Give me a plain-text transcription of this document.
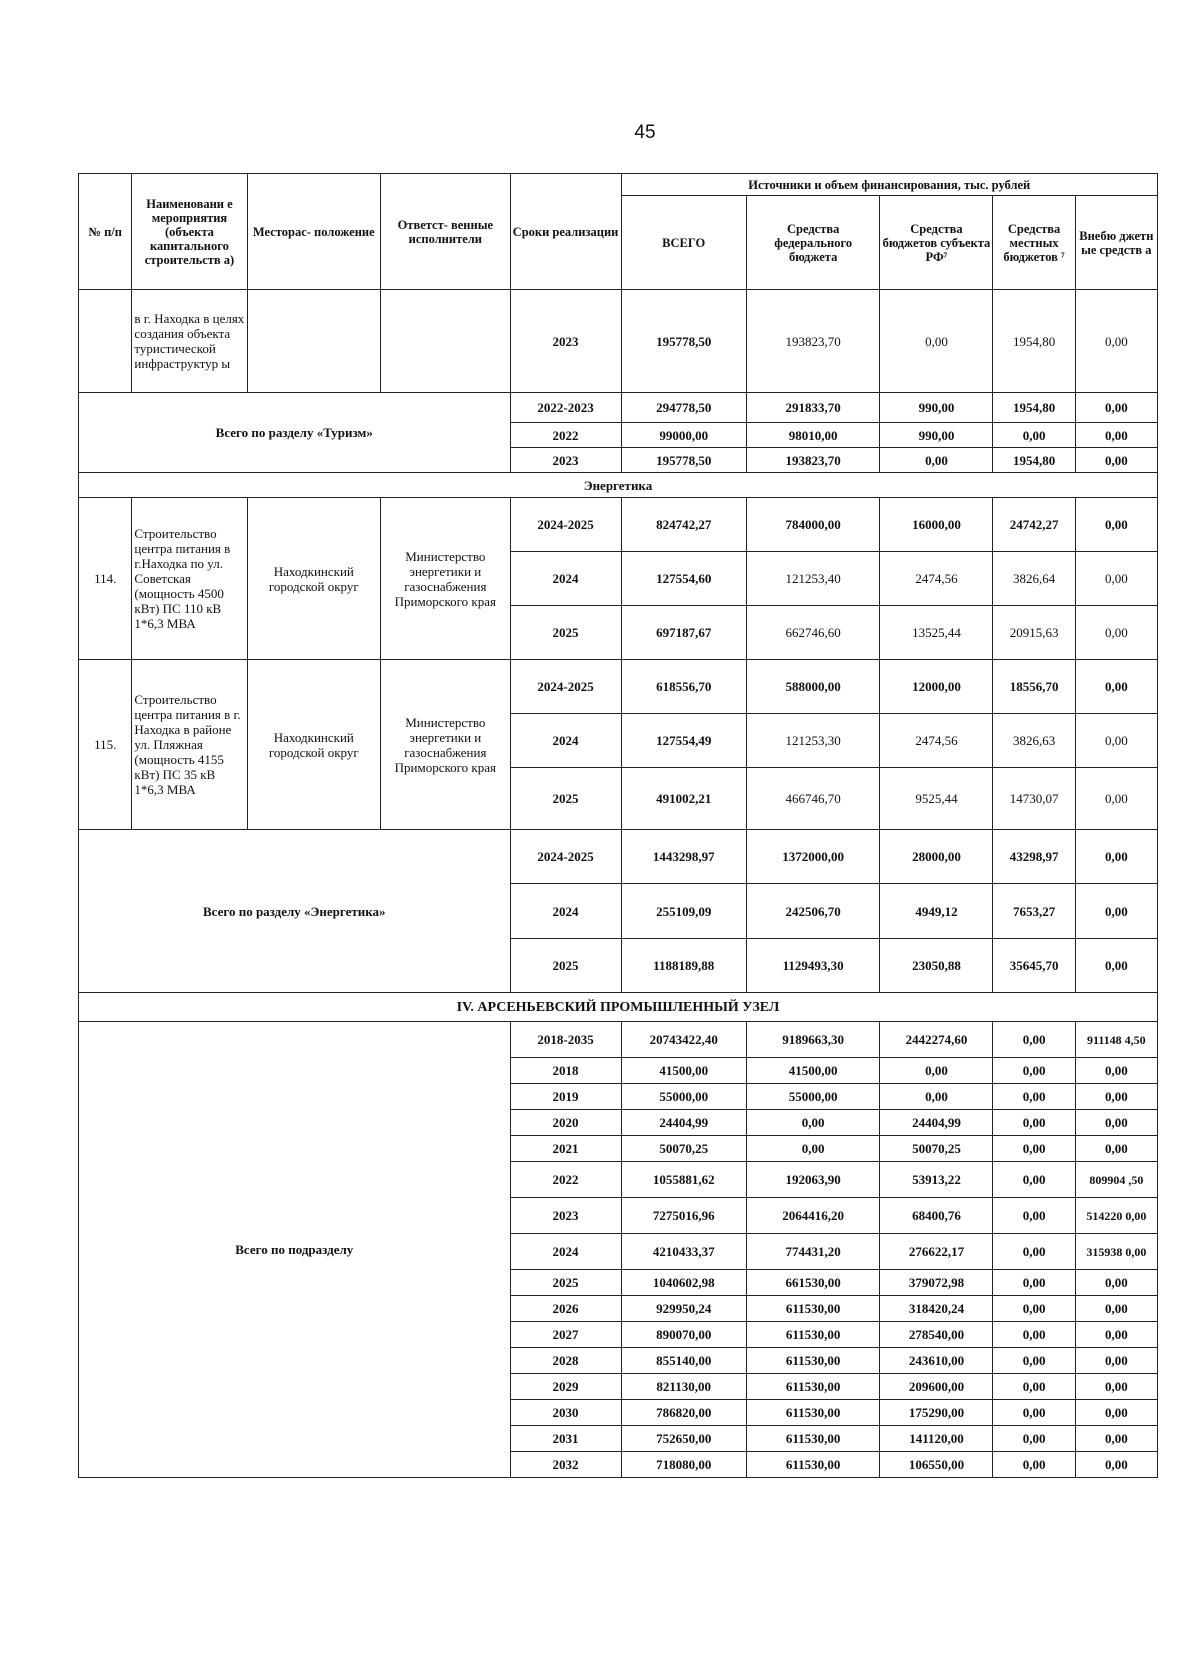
45
№ п/п	Наименовани е мероприятия (объекта капитального строительств а)	Месторас- положение	Ответст- венные исполнители	Сроки реализации	Источники и объем финансирования, тыс. рублей				
					ВСЕГО	Средства федерального бюджета	Средства бюджетов субъекта РФ⁷	Средства местных бюджетов ⁷	Внебю джетн ые средств а
	в г. Находка в целях создания объекта туристической инфраструктур ы			2023	195778,50	193823,70	0,00	1954,80	0,00
Всего по разделу «Туризм»				2022-2023	294778,50	291833,70	990,00	1954,80	0,00
				2022	99000,00	98010,00	990,00	0,00	0,00
				2023	195778,50	193823,70	0,00	1954,80	0,00
Энергетика									
114.	Строительство центра питания в г.Находка по ул. Советская (мощность 4500 кВт) ПС 110 кВ 1*6,3 МВА	Находкинский городской округ	Министерство энергетики и газоснабжения Приморского края	2024-2025	824742,27	784000,00	16000,00	24742,27	0,00
				2024	127554,60	121253,40	2474,56	3826,64	0,00
				2025	697187,67	662746,60	13525,44	20915,63	0,00
115.	Строительство центра питания в г. Находка в районе ул. Пляжная (мощность 4155 кВт) ПС 35 кВ 1*6,3 МВА	Находкинский городской округ	Министерство энергетики и газоснабжения Приморского края	2024-2025	618556,70	588000,00	12000,00	18556,70	0,00
				2024	127554,49	121253,30	2474,56	3826,63	0,00
				2025	491002,21	466746,70	9525,44	14730,07	0,00
Всего по разделу «Энергетика»				2024-2025	1443298,97	1372000,00	28000,00	43298,97	0,00
				2024	255109,09	242506,70	4949,12	7653,27	0,00
				2025	1188189,88	1129493,30	23050,88	35645,70	0,00
IV. АРСЕНЬЕВСКИЙ ПРОМЫШЛЕННЫЙ УЗЕЛ									
Всего по подразделу				2018-2035	20743422,40	9189663,30	2442274,60	0,00	911148 4,50
				2018	41500,00	41500,00	0,00	0,00	0,00
				2019	55000,00	55000,00	0,00	0,00	0,00
				2020	24404,99	0,00	24404,99	0,00	0,00
				2021	50070,25	0,00	50070,25	0,00	0,00
				2022	1055881,62	192063,90	53913,22	0,00	809904 ,50
				2023	7275016,96	2064416,20	68400,76	0,00	514220 0,00
				2024	4210433,37	774431,20	276622,17	0,00	315938 0,00
				2025	1040602,98	661530,00	379072,98	0,00	0,00
				2026	929950,24	611530,00	318420,24	0,00	0,00
				2027	890070,00	611530,00	278540,00	0,00	0,00
				2028	855140,00	611530,00	243610,00	0,00	0,00
				2029	821130,00	611530,00	209600,00	0,00	0,00
				2030	786820,00	611530,00	175290,00	0,00	0,00
				2031	752650,00	611530,00	141120,00	0,00	0,00
				2032	718080,00	611530,00	106550,00	0,00	0,00
